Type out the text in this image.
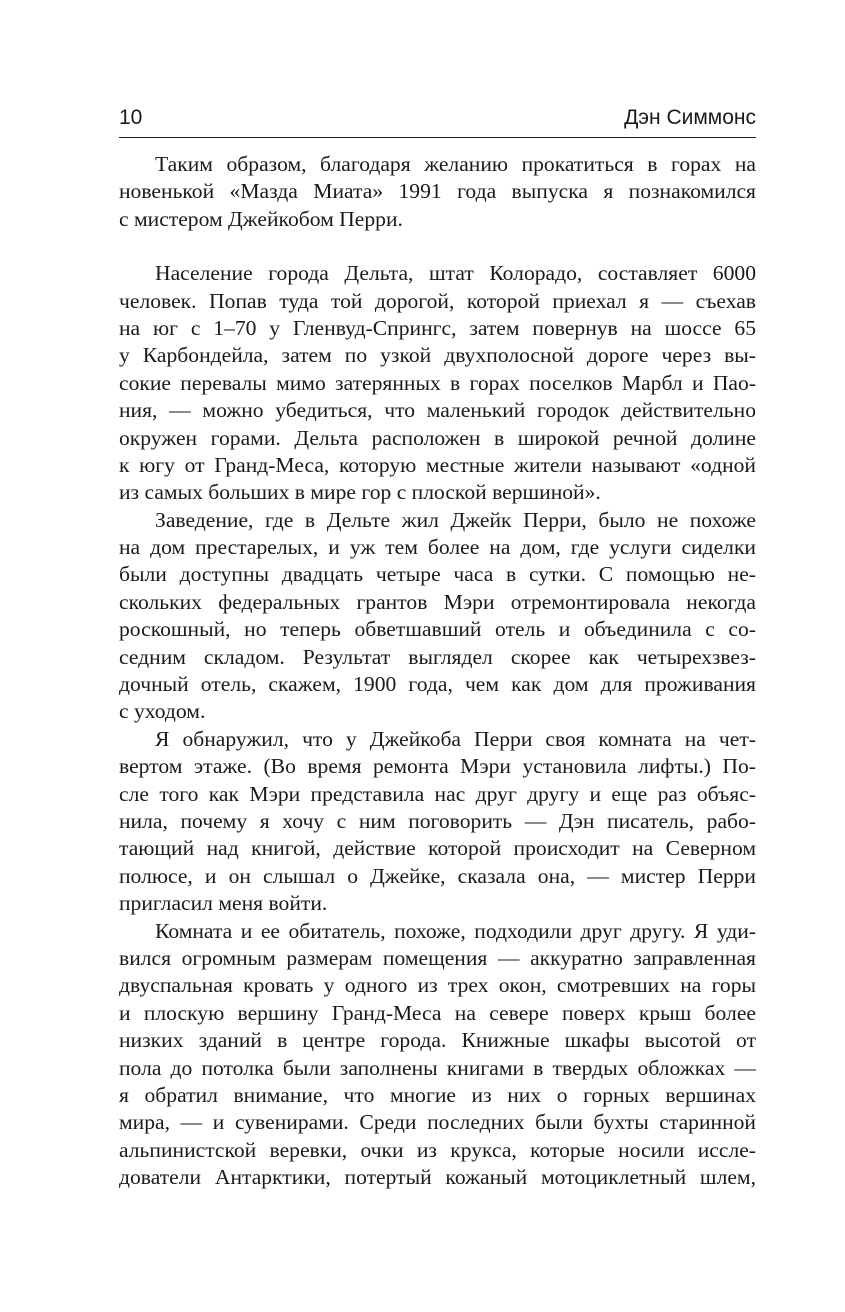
10	Дэн Симмонс
Таким образом, благодаря желанию прокатиться в горах на
новенькой «Мазда Миата» 1991 года выпуска я познакомился
с мистером Джейкобом Перри.
Население города Дельта, штат Колорадо, составляет 6000
человек. Попав туда той дорогой, которой приехал я — съехав
на юг с 1–70 у Гленвуд-Спрингс, затем повернув на шоссе 65
у Карбондейла, затем по узкой двухполосной дороге через вы-
сокие перевалы мимо затерянных в горах поселков Марбл и Пао-
ния, — можно убедиться, что маленький городок действительно
окружен горами. Дельта расположен в широкой речной долине
к югу от Гранд-Меса, которую местные жители называют «одной
из самых больших в мире гор с плоской вершиной».
Заведение, где в Дельте жил Джейк Перри, было не похоже
на дом престарелых, и уж тем более на дом, где услуги сиделки
были доступны двадцать четыре часа в сутки. С помощью не-
скольких федеральных грантов Мэри отремонтировала некогда
роскошный, но теперь обветшавший отель и объединила с со-
седним складом. Результат выглядел скорее как четырехзвез-
дочный отель, скажем, 1900 года, чем как дом для проживания
с уходом.
Я обнаружил, что у Джейкоба Перри своя комната на чет-
вертом этаже. (Во время ремонта Мэри установила лифты.) По-
сле того как Мэри представила нас друг другу и еще раз объяс-
нила, почему я хочу с ним поговорить — Дэн писатель, рабо-
тающий над книгой, действие которой происходит на Северном
полюсе, и он слышал о Джейке, сказала она, — мистер Перри
пригласил меня войти.
Комната и ее обитатель, похоже, подходили друг другу. Я уди-
вился огромным размерам помещения — аккуратно заправленная
двуспальная кровать у одного из трех окон, смотревших на горы
и плоскую вершину Гранд-Меса на севере поверх крыш более
низких зданий в центре города. Книжные шкафы высотой от
пола до потолка были заполнены книгами в твердых обложках —
я обратил внимание, что многие из них о горных вершинах
мира, — и сувенирами. Среди последних были бухты старинной
альпинистской веревки, очки из крукса, которые носили иссле-
дователи Антарктики, потертый кожаный мотоциклетный шлем,
